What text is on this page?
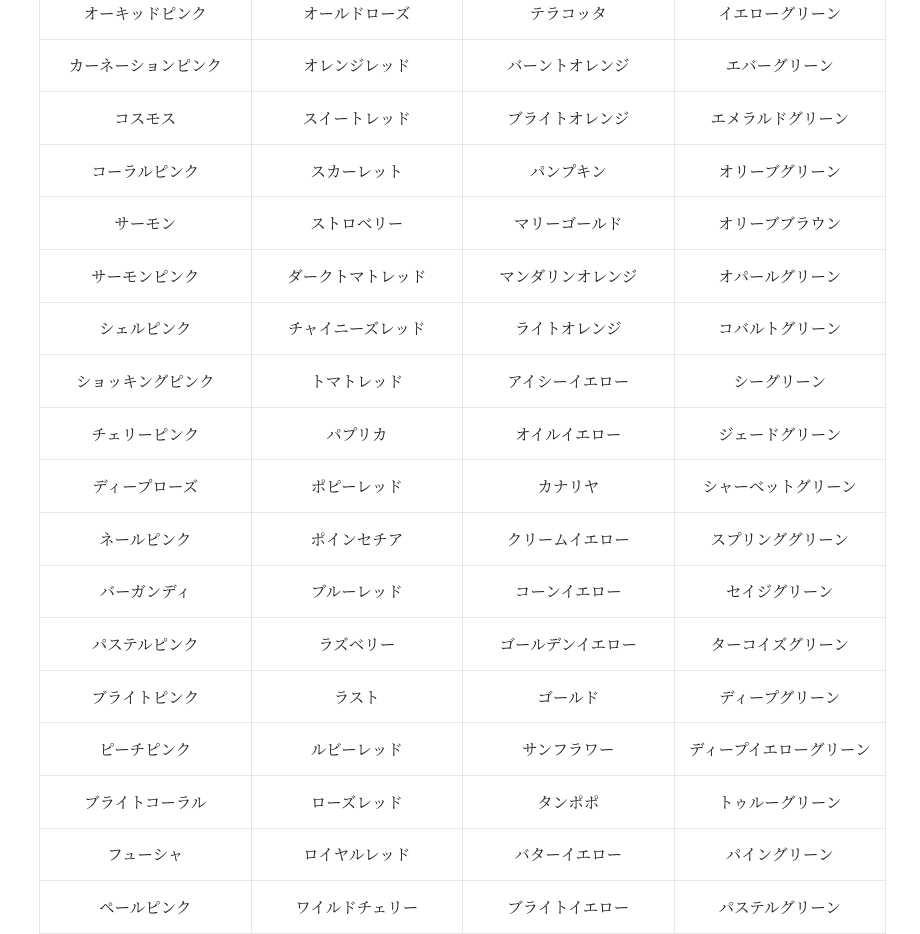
オーキッドピンク	オールドローズ	テラコッタ	イエローグリーン
カーネーションピンク	オレンジレッド	バーントオレンジ	エバーグリーン
コスモス	スイートレッド	ブライトオレンジ	エメラルドグリーン
コーラルピンク	スカーレット	パンプキン	オリーブグリーン
サーモン	ストロベリー	マリーゴールド	オリーブブラウン
サーモンピンク	ダークトマトレッド	マンダリンオレンジ	オパールグリーン
シェルピンク	チャイニーズレッド	ライトオレンジ	コバルトグリーン
ショッキングピンク	トマトレッド	アイシーイエロー	シーグリーン
チェリーピンク	パプリカ	オイルイエロー	ジェードグリーン
ディープローズ	ポピーレッド	カナリヤ	シャーベットグリーン
ネールピンク	ポインセチア	クリームイエロー	スプリンググリーン
バーガンディ	ブルーレッド	コーンイエロー	セイジグリーン
パステルピンク	ラズベリー	ゴールデンイエロー	ターコイズグリーン
ブライトピンク	ラスト	ゴールド	ディープグリーン
ピーチピンク	ルビーレッド	サンフラワー	ディープイエローグリーン
ブライトコーラル	ローズレッド	タンポポ	トゥルーグリーン
フューシャ	ロイヤルレッド	バターイエロー	パイングリーン
ペールピンク	ワイルドチェリー	ブライトイエロー	パステルグリーン
